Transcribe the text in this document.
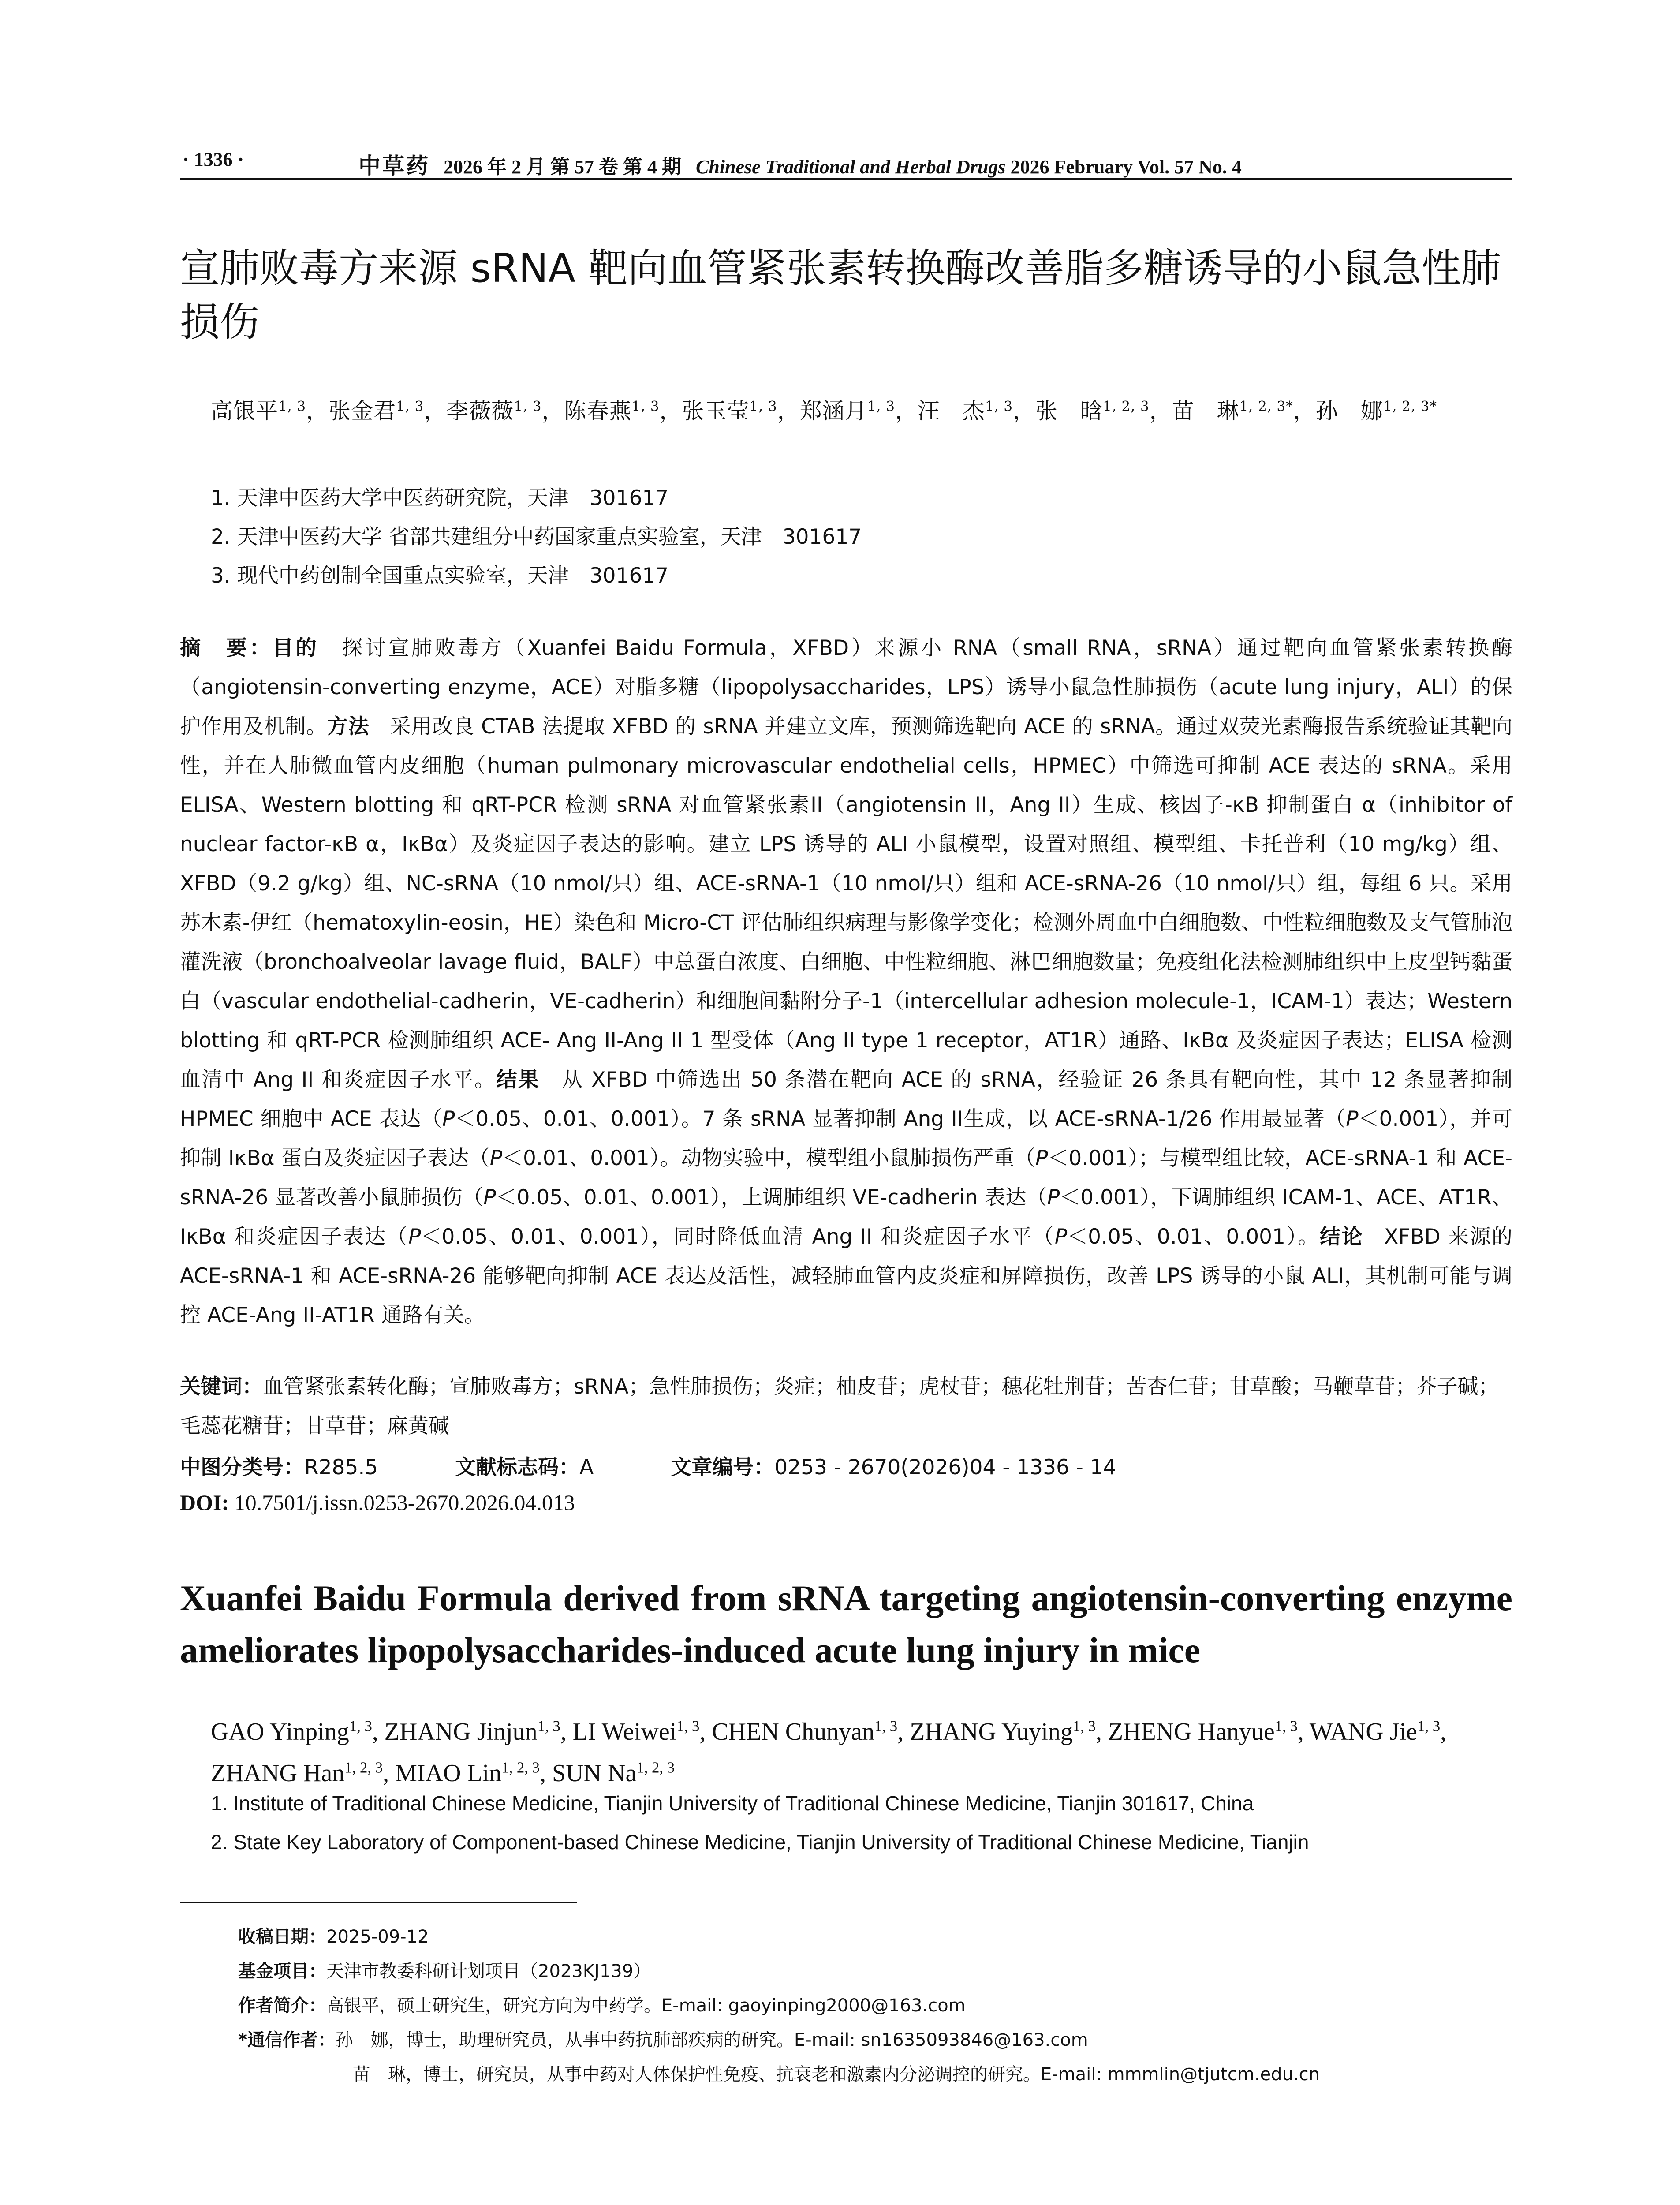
· 1336 ·	中草药 2026 年 2 月 第 57 卷 第 4 期 Chinese Traditional and Herbal Drugs 2026 February Vol. 57 No. 4
宣肺败毒方来源 sRNA 靶向血管紧张素转换酶改善脂多糖诱导的小鼠急性肺损伤
高银平$^{1, 3}$，张金君$^{1, 3}$，李薇薇$^{1, 3}$，陈春燕$^{1, 3}$，张玉莹$^{1, 3}$，郑涵月$^{1, 3}$，汪　杰$^{1, 3}$，张　晗$^{1, 2, 3}$，苗　琳$^{1, 2, 3*}$，孙　娜$^{1, 2, 3*}$
1. 天津中医药大学中医药研究院，天津　301617
2. 天津中医药大学 省部共建组分中药国家重点实验室，天津　301617
3. 现代中药创制全国重点实验室，天津　301617
摘　要：目的  探讨宣肺败毒方（Xuanfei Baidu Formula，XFBD）来源小 RNA（small RNA，sRNA）通过靶向血管紧张素转换酶（angiotensin-converting enzyme，ACE）对脂多糖（lipopolysaccharides，LPS）诱导小鼠急性肺损伤（acute lung injury，ALI）的保护作用及机制。方法  采用改良 CTAB 法提取 XFBD 的 sRNA 并建立文库，预测筛选靶向 ACE 的 sRNA。通过双荧光素酶报告系统验证其靶向性，并在人肺微血管内皮细胞（human pulmonary microvascular endothelial cells，HPMEC）中筛选可抑制 ACE 表达的 sRNA。采用 ELISA、Western blotting 和 qRT-PCR 检测 sRNA 对血管紧张素II（angiotensin II，Ang II）生成、核因子-κB 抑制蛋白 α（inhibitor of nuclear factor-κB α，IκBα）及炎症因子表达的影响。建立 LPS 诱导的 ALI 小鼠模型，设置对照组、模型组、卡托普利（10 mg/kg）组、XFBD（9.2 g/kg）组、NC-sRNA（10 nmol/只）组、ACE-sRNA-1（10 nmol/只）组和 ACE-sRNA-26（10 nmol/只）组，每组 6 只。采用苏木素-伊红（hematoxylin-eosin，HE）染色和 Micro-CT 评估肺组织病理与影像学变化；检测外周血中白细胞数、中性粒细胞数及支气管肺泡灌洗液（bronchoalveolar lavage fluid，BALF）中总蛋白浓度、白细胞、中性粒细胞、淋巴细胞数量；免疫组化法检测肺组织中上皮型钙黏蛋白（vascular endothelial-cadherin，VE-cadherin）和细胞间黏附分子-1（intercellular adhesion molecule-1，ICAM-1）表达；Western blotting 和 qRT-PCR 检测肺组织 ACE- Ang II-Ang II 1 型受体（Ang II type 1 receptor，AT1R）通路、IκBα 及炎症因子表达；ELISA 检测血清中 Ang II 和炎症因子水平。结果  从 XFBD 中筛选出 50 条潜在靶向 ACE 的 sRNA，经验证 26 条具有靶向性，其中 12 条显著抑制 HPMEC 细胞中 ACE 表达（P＜0.05、0.01、0.001）。7 条 sRNA 显著抑制 Ang II生成，以 ACE-sRNA-1/26 作用最显著（P＜0.001），并可抑制 IκBα 蛋白及炎症因子表达（P＜0.01、0.001）。动物实验中，模型组小鼠肺损伤严重（P＜0.001）；与模型组比较，ACE-sRNA-1 和 ACE-sRNA-26 显著改善小鼠肺损伤（P＜0.05、0.01、0.001），上调肺组织 VE-cadherin 表达（P＜0.001），下调肺组织 ICAM-1、ACE、AT1R、IκBα 和炎症因子表达（P＜0.05、0.01、0.001），同时降低血清 Ang II 和炎症因子水平（P＜0.05、0.01、0.001）。结论  XFBD 来源的 ACE-sRNA-1 和 ACE-sRNA-26 能够靶向抑制 ACE 表达及活性，减轻肺血管内皮炎症和屏障损伤，改善 LPS 诱导的小鼠 ALI，其机制可能与调控 ACE-Ang II-AT1R 通路有关。
关键词：血管紧张素转化酶；宣肺败毒方；sRNA；急性肺损伤；炎症；柚皮苷；虎杖苷；穗花牡荆苷；苦杏仁苷；甘草酸；马鞭草苷；芥子碱；毛蕊花糖苷；甘草苷；麻黄碱
中图分类号：R285.5	文献标志码：A	文章编号：0253 - 2670(2026)04 - 1336 - 14
DOI: 10.7501/j.issn.0253-2670.2026.04.013
Xuanfei Baidu Formula derived from sRNA targeting angiotensin-converting enzyme ameliorates lipopolysaccharides-induced acute lung injury in mice
GAO Yinping$^{1, 3}$, ZHANG Jinjun$^{1, 3}$, LI Weiwei$^{1, 3}$, CHEN Chunyan$^{1, 3}$, ZHANG Yuying$^{1, 3}$, ZHENG Hanyue$^{1, 3}$, WANG Jie$^{1, 3}$, ZHANG Han$^{1, 2, 3}$, MIAO Lin$^{1, 2, 3}$, SUN Na$^{1, 2, 3}$
1. Institute of Traditional Chinese Medicine, Tianjin University of Traditional Chinese Medicine, Tianjin 301617, China
2. State Key Laboratory of Component-based Chinese Medicine, Tianjin University of Traditional Chinese Medicine, Tianjin
收稿日期：2025-09-12
基金项目：天津市教委科研计划项目（2023KJ139）
作者简介：高银平，硕士研究生，研究方向为中药学。E-mail: gaoyinping2000@163.com
*通信作者：孙　娜，博士，助理研究员，从事中药抗肺部疾病的研究。E-mail: sn1635093846@163.com
苗　琳，博士，研究员，从事中药对人体保护性免疫、抗衰老和激素内分泌调控的研究。E-mail: mmmlin@tjutcm.edu.cn
